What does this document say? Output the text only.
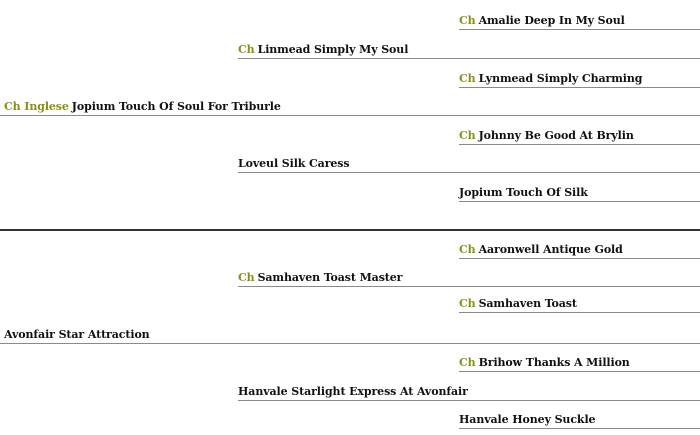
Ch Amalie Deep In My Soul
Ch Linmead Simply My Soul
Ch Lynmead Simply Charming
Ch Inglese Jopium Touch Of Soul For Triburle
Ch Johnny Be Good At Brylin
Loveul Silk Caress
Jopium Touch Of Silk
Ch Aaronwell Antique Gold
Ch Samhaven Toast Master
Ch Samhaven Toast
Avonfair Star Attraction
Ch Brihow Thanks A Million
Hanvale Starlight Express At Avonfair
Hanvale Honey Suckle
